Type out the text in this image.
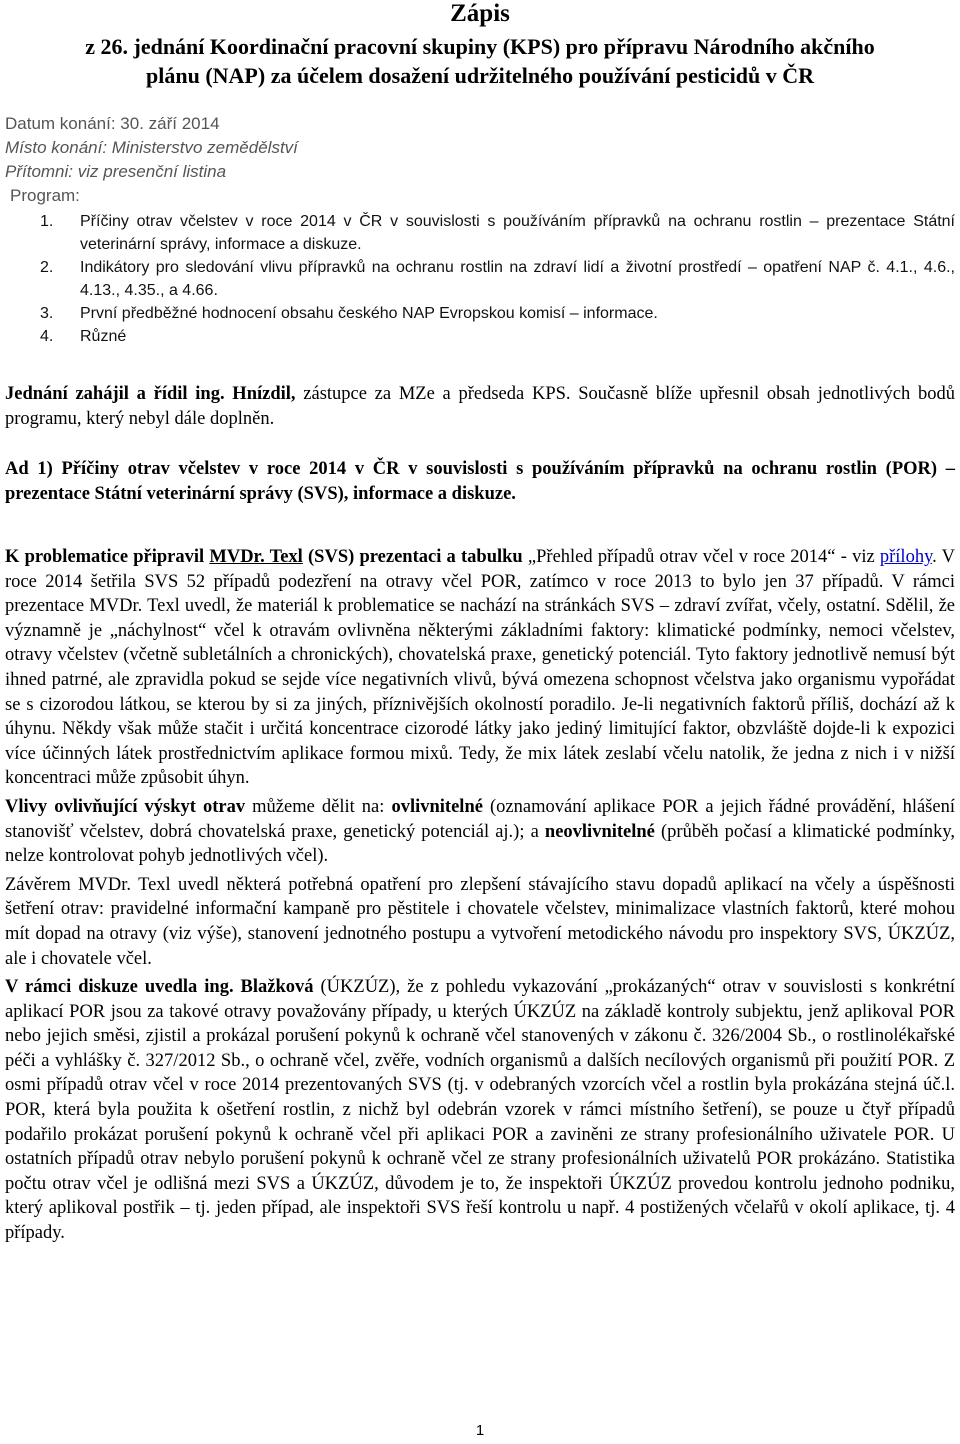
Zápis
z 26. jednání Koordinační pracovní skupiny (KPS) pro přípravu Národního akčního
plánu (NAP) za účelem dosažení udržitelného používání pesticidů v ČR
Datum konání: 30. září 2014
Místo konání: Ministerstvo zemědělství
Přítomni: viz presenční listina
Program:
1. Příčiny otrav včelstev v roce 2014 v ČR v souvislosti s používáním přípravků na ochranu rostlin – prezentace Státní veterinární správy, informace a diskuze.
2. Indikátory pro sledování vlivu přípravků na ochranu rostlin na zdraví lidí a životní prostředí – opatření NAP č. 4.1., 4.6., 4.13., 4.35., a 4.66.
3. První předběžné hodnocení obsahu českého NAP Evropskou komisí – informace.
4. Různé

Jednání zahájil a řídil ing. Hnízdil, zástupce za MZe a předseda KPS. Současně blíže upřesnil obsah jednotlivých bodů programu, který nebyl dále doplněn.

Ad 1) Příčiny otrav včelstev v roce 2014 v ČR v souvislosti s používáním přípravků na ochranu rostlin (POR) – prezentace Státní veterinární správy (SVS), informace a diskuze.

K problematice připravil MVDr. Texl (SVS) prezentaci a tabulku „Přehled případů otrav včel v roce 2014“ - viz přílohy. V roce 2014 šetřila SVS 52 případů podezření na otravy včel POR, zatímco v roce 2013 to bylo jen 37 případů. V rámci prezentace MVDr. Texl uvedl, že materiál k problematice se nachází na stránkách SVS – zdraví zvířat, včely, ostatní. Sdělil, že významně je „náchylnost“ včel k otravám ovlivněna některými základními faktory: klimatické podmínky, nemoci včelstev, otravy včelstev (včetně subletálních a chronických), chovatelská praxe, genetický potenciál. Tyto faktory jednotlivě nemusí být ihned patrné, ale zpravidla pokud se sejde více negativních vlivů, bývá omezena schopnost včelstva jako organismu vypořádat se s cizorodou látkou, se kterou by si za jiných, příznivějších okolností poradilo. Je-li negativních faktorů příliš, dochází až k úhynu. Někdy však může stačit i určitá koncentrace cizorodé látky jako jediný limitující faktor, obzvláště dojde-li k expozici více účinných látek prostřednictvím aplikace formou mixů. Tedy, že mix látek zeslabí včelu natolik, že jedna z nich i v nižší koncentraci může způsobit úhyn.

Vlivy ovlivňující výskyt otrav můžeme dělit na: ovlivnitelné (oznamování aplikace POR a jejich řádné provádění, hlášení stanovišť včelstev, dobrá chovatelská praxe, genetický potenciál aj.); a neovlivnitelné (průběh počasí a klimatické podmínky, nelze kontrolovat pohyb jednotlivých včel).

Závěrem MVDr. Texl uvedl některá potřebná opatření pro zlepšení stávajícího stavu dopadů aplikací na včely a úspěšnosti šetření otrav: pravidelné informační kampaně pro pěstitele i chovatele včelstev, minimalizace vlastních faktorů, které mohou mít dopad na otravy (viz výše), stanovení jednotného postupu a vytvoření metodického návodu pro inspektory SVS, ÚKZÚZ, ale i chovatele včel.

V rámci diskuze uvedla ing. Blažková (ÚKZÚZ), že z pohledu vykazování „prokázaných“ otrav v souvislosti s konkrétní aplikací POR jsou za takové otravy považovány případy, u kterých ÚKZÚZ na základě kontroly subjektu, jenž aplikoval POR nebo jejich směsi, zjistil a prokázal porušení pokynů k ochraně včel stanovených v zákonu č. 326/2004 Sb., o rostlinolékařské péči a vyhlášky č. 327/2012 Sb., o ochraně včel, zvěře, vodních organismů a dalších necílových organismů při použití POR. Z osmi případů otrav včel v roce 2014 prezentovaných SVS (tj. v odebraných vzorcích včel a rostlin byla prokázána stejná úč.l. POR, která byla použita k ošetření rostlin, z nichž byl odebrán vzorek v rámci místního šetření), se pouze u čtyř případů podařilo prokázat porušení pokynů k ochraně včel při aplikaci POR a zaviněni ze strany profesionálního uživatele POR. U ostatních případů otrav nebylo porušení pokynů k ochraně včel ze strany profesionálních uživatelů POR prokázáno. Statistika počtu otrav včel je odlišná mezi SVS a ÚKZÚZ, důvodem je to, že inspektoři ÚKZÚZ provedou kontrolu jednoho podniku, který aplikoval postřik – tj. jeden případ, ale inspektoři SVS řeší kontrolu u např. 4 postižených včelařů v okolí aplikace, tj. 4 případy.

1
